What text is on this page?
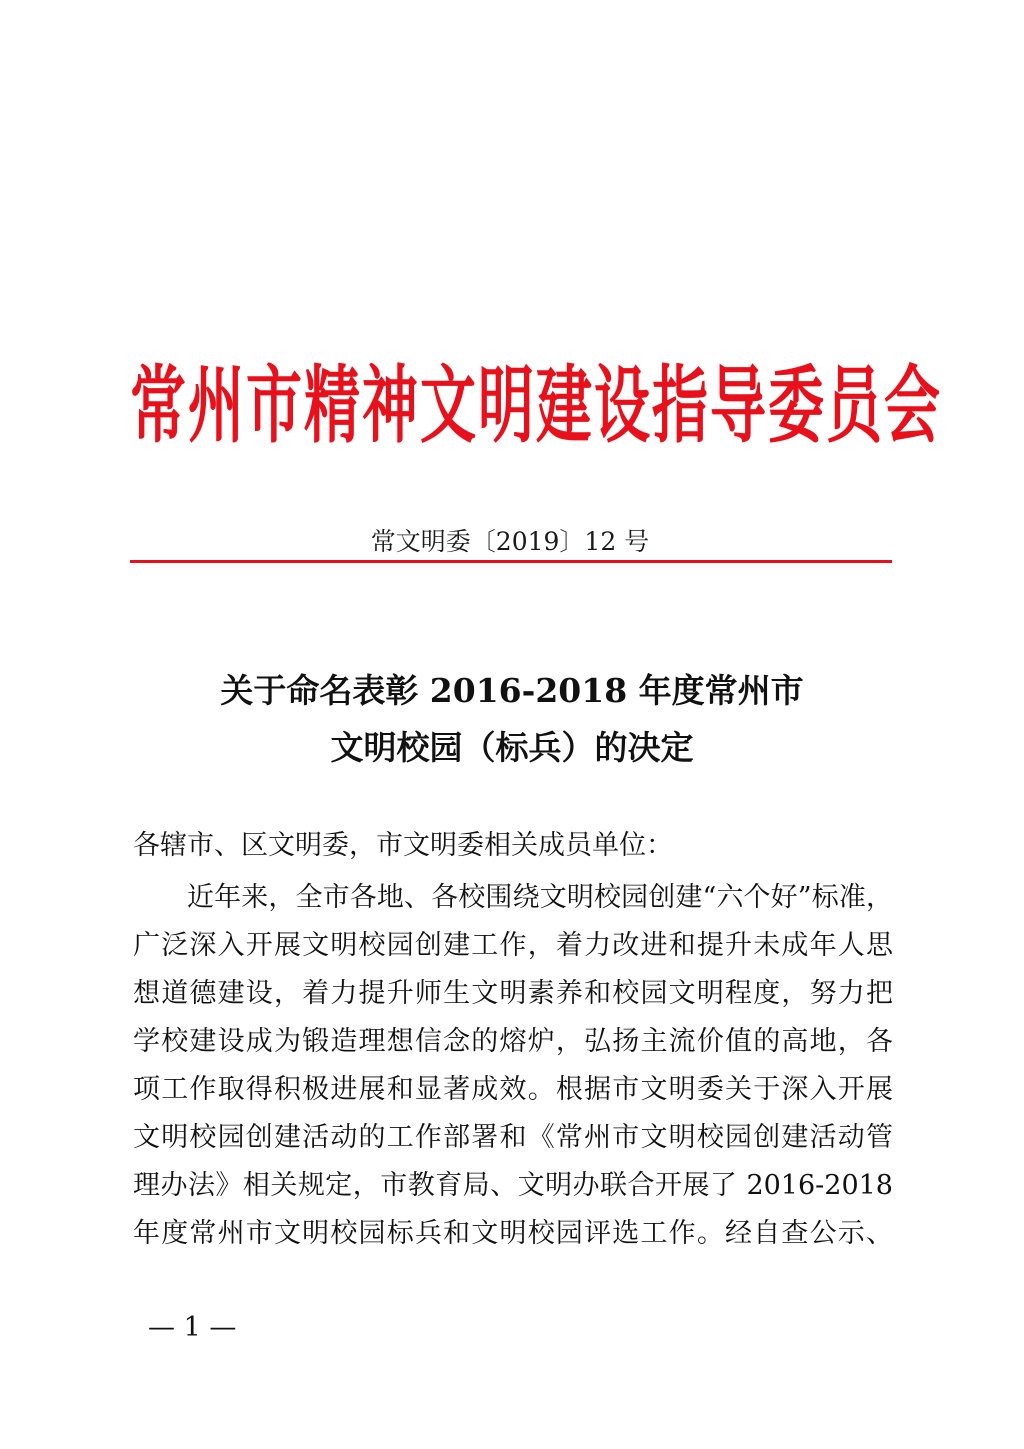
常州市精神文明建设指导委员会
常文明委〔2019〕12 号
关于命名表彰 2016-2018 年度常州市
文明校园（标兵）的决定
各辖市、区文明委，市文明委相关成员单位：
近年来，全市各地、各校围绕文明校园创建“六个好”标准，
广泛深入开展文明校园创建工作，着力改进和提升未成年人思
想道德建设，着力提升师生文明素养和校园文明程度，努力把
学校建设成为锻造理想信念的熔炉，弘扬主流价值的高地，各
项工作取得积极进展和显著成效。根据市文明委关于深入开展
文明校园创建活动的工作部署和《常州市文明校园创建活动管
理办法》相关规定，市教育局、文明办联合开展了 2016-2018
年度常州市文明校园标兵和文明校园评选工作。经自查公示、
— 1 —
